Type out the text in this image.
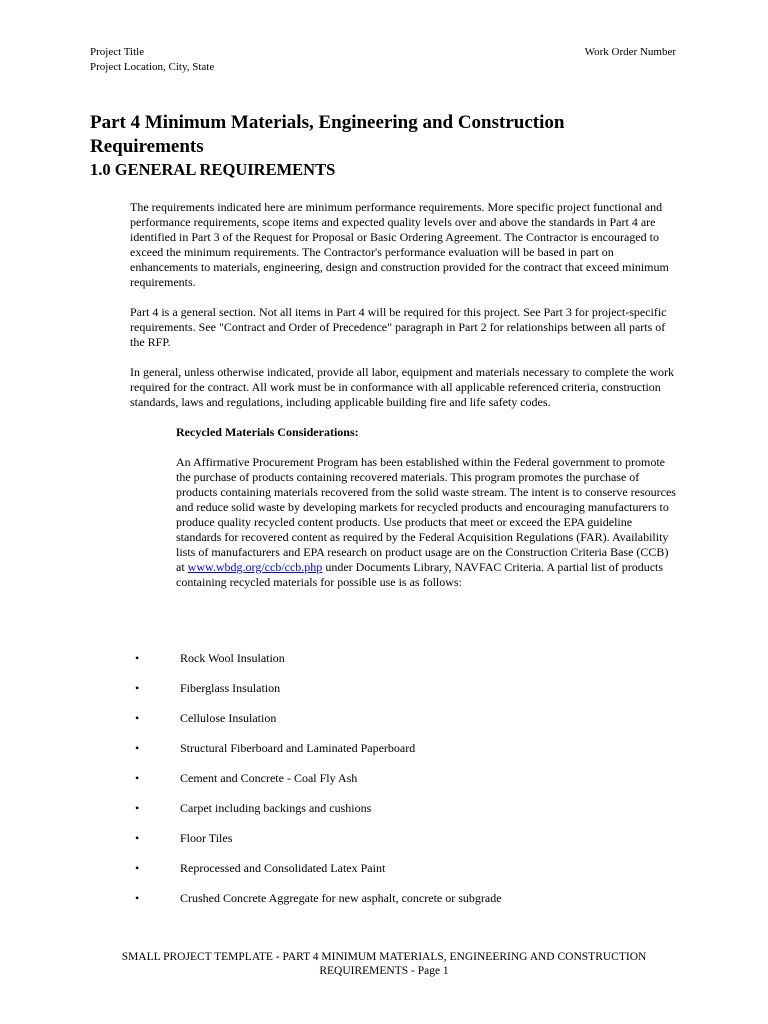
Project Title
Project Location, City, State
Work Order Number
Part 4 Minimum Materials, Engineering and Construction Requirements
1.0 GENERAL REQUIREMENTS

The requirements indicated here are minimum performance requirements. More specific project functional and performance requirements, scope items and expected quality levels over and above the standards in Part 4 are identified in Part 3 of the Request for Proposal or Basic Ordering Agreement. The Contractor is encouraged to exceed the minimum requirements. The Contractor's performance evaluation will be based in part on enhancements to materials, engineering, design and construction provided for the contract that exceed minimum requirements.

Part 4 is a general section. Not all items in Part 4 will be required for this project. See Part 3 for project-specific requirements. See "Contract and Order of Precedence" paragraph in Part 2 for relationships between all parts of the RFP.

In general, unless otherwise indicated, provide all labor, equipment and materials necessary to complete the work required for the contract. All work must be in conformance with all applicable referenced criteria, construction standards, laws and regulations, including applicable building fire and life safety codes.

Recycled Materials Considerations:

An Affirmative Procurement Program has been established within the Federal government to promote the purchase of products containing recovered materials. This program promotes the purchase of products containing materials recovered from the solid waste stream. The intent is to conserve resources and reduce solid waste by developing markets for recycled products and encouraging manufacturers to produce quality recycled content products. Use products that meet or exceed the EPA guideline standards for recovered content as required by the Federal Acquisition Regulations (FAR). Availability lists of manufacturers and EPA research on product usage are on the Construction Criteria Base (CCB) at www.wbdg.org/ccb/ccb.php under Documents Library, NAVFAC Criteria. A partial list of products containing recycled materials for possible use is as follows:

•	Rock Wool Insulation
•	Fiberglass Insulation
•	Cellulose Insulation
•	Structural Fiberboard and Laminated Paperboard
•	Cement and Concrete - Coal Fly Ash
•	Carpet including backings and cushions
•	Floor Tiles
•	Reprocessed and Consolidated Latex Paint
•	Crushed Concrete Aggregate for new asphalt, concrete or subgrade
SMALL PROJECT TEMPLATE - PART 4 MINIMUM MATERIALS, ENGINEERING AND CONSTRUCTION
REQUIREMENTS - Page 1
